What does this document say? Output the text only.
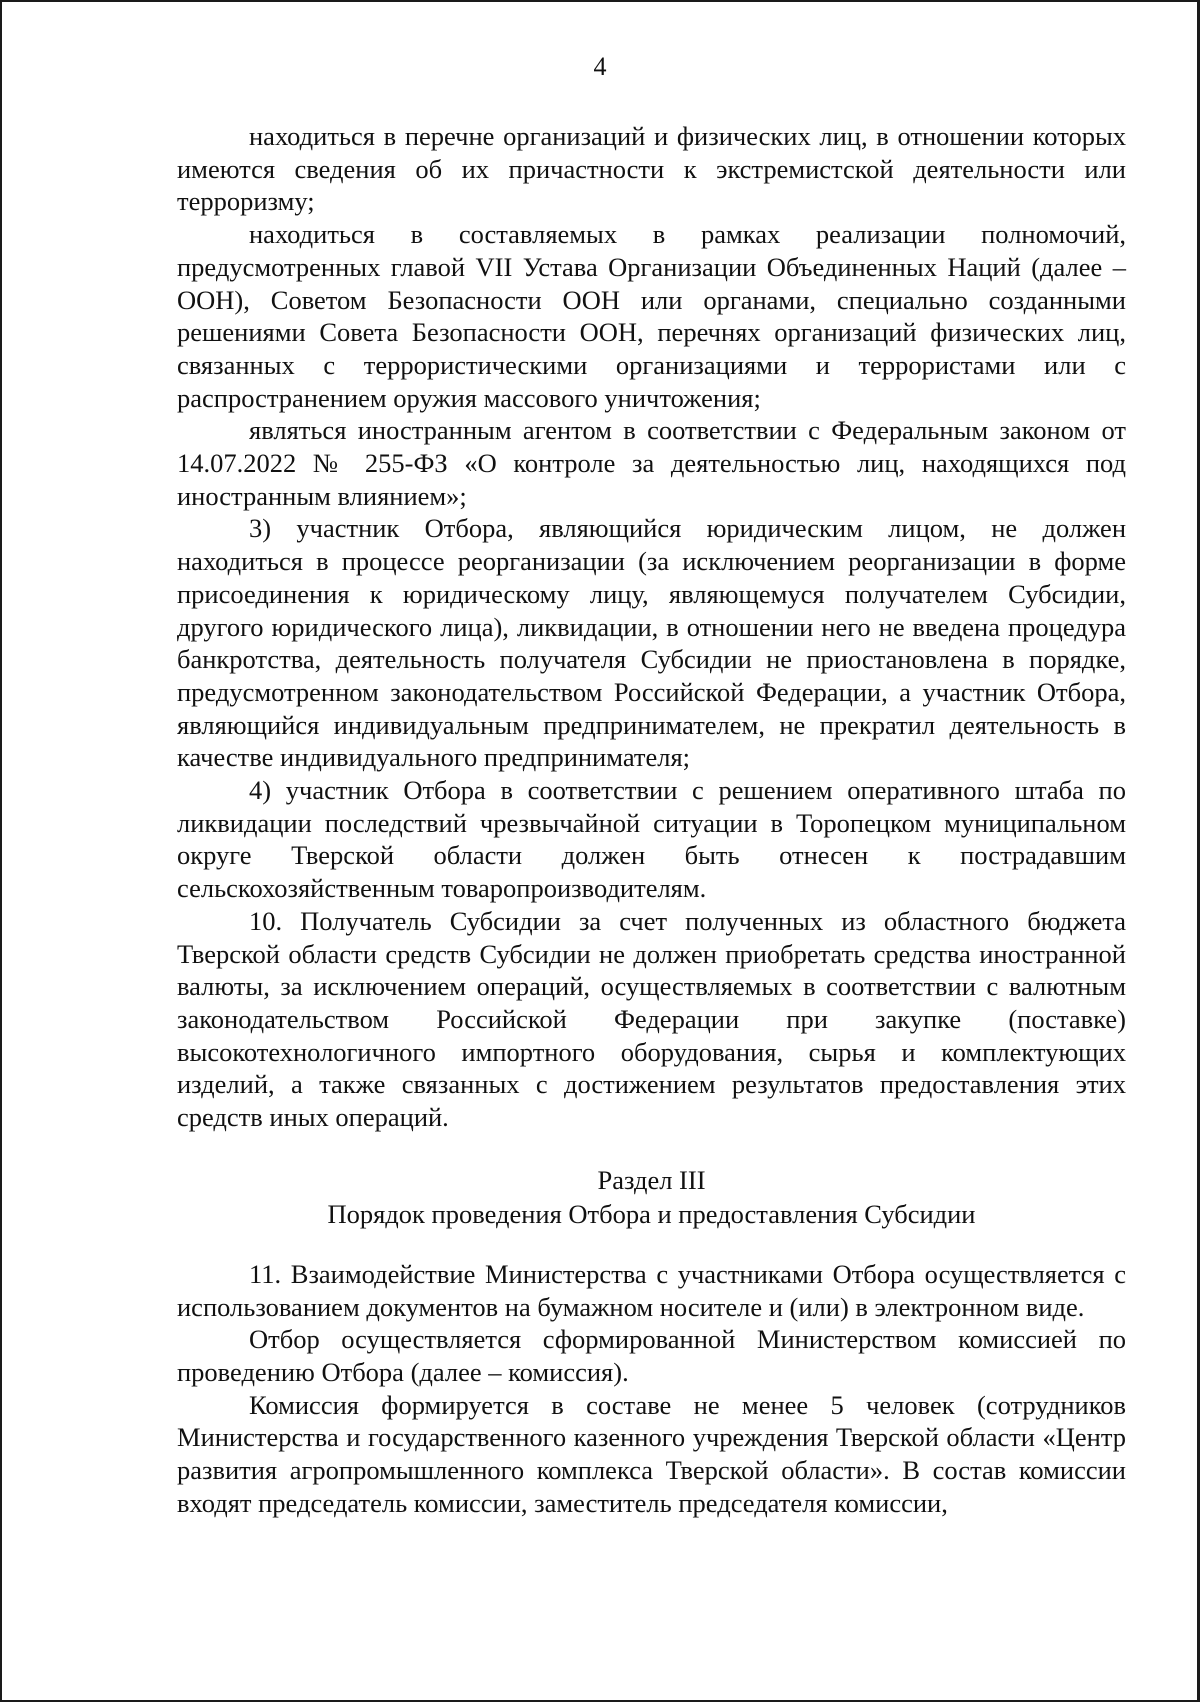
4

находиться в перечне организаций и физических лиц, в отношении которых имеются сведения об их причастности к экстремистской деятельности или терроризму;

находиться в составляемых в рамках реализации полномочий, предусмотренных главой VII Устава Организации Объединенных Наций (далее – ООН), Советом Безопасности ООН или органами, специально созданными решениями Совета Безопасности ООН, перечнях организаций физических лиц, связанных с террористическими организациями и террористами или с распространением оружия массового уничтожения;

являться иностранным агентом в соответствии с Федеральным законом от 14.07.2022 № 255-ФЗ «О контроле за деятельностью лиц, находящихся под иностранным влиянием»;

3) участник Отбора, являющийся юридическим лицом, не должен находиться в процессе реорганизации (за исключением реорганизации в форме присоединения к юридическому лицу, являющемуся получателем Субсидии, другого юридического лица), ликвидации, в отношении него не введена процедура банкротства, деятельность получателя Субсидии не приостановлена в порядке, предусмотренном законодательством Российской Федерации, а участник Отбора, являющийся индивидуальным предпринимателем, не прекратил деятельность в качестве индивидуального предпринимателя;

4) участник Отбора в соответствии с решением оперативного штаба по ликвидации последствий чрезвычайной ситуации в Торопецком муниципальном округе Тверской области должен быть отнесен к пострадавшим сельскохозяйственным товаропроизводителям.

10. Получатель Субсидии за счет полученных из областного бюджета Тверской области средств Субсидии не должен приобретать средства иностранной валюты, за исключением операций, осуществляемых в соответствии с валютным законодательством Российской Федерации при закупке (поставке) высокотехнологичного импортного оборудования, сырья и комплектующих изделий, а также связанных с достижением результатов предоставления этих средств иных операций.

Раздел III
Порядок проведения Отбора и предоставления Субсидии

11. Взаимодействие Министерства с участниками Отбора осуществляется с использованием документов на бумажном носителе и (или) в электронном виде.

Отбор осуществляется сформированной Министерством комиссией по проведению Отбора (далее – комиссия).

Комиссия формируется в составе не менее 5 человек (сотрудников Министерства и государственного казенного учреждения Тверской области «Центр развития агропромышленного комплекса Тверской области». В состав комиссии входят председатель комиссии, заместитель председателя комиссии,
